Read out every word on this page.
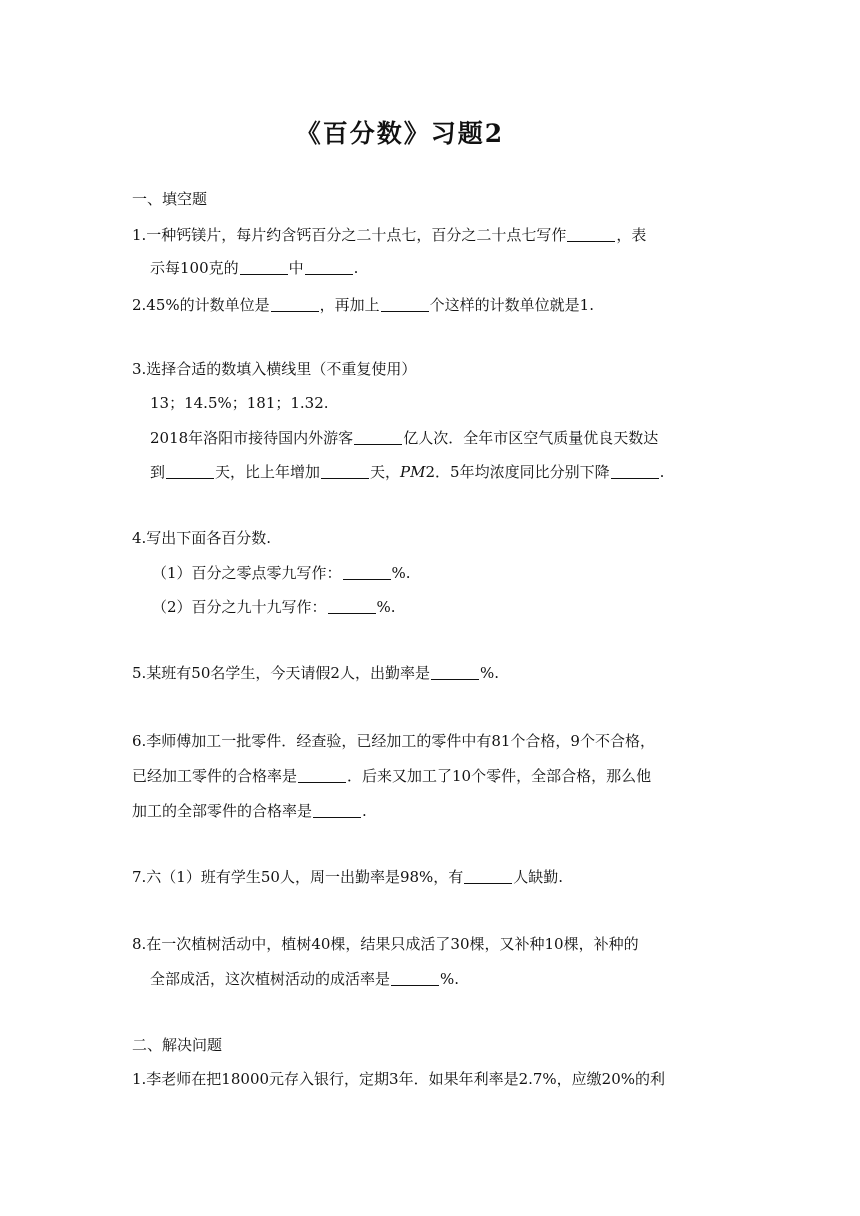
《百分数》习题2
一、填空题
1.一种钙镁片，每片约含钙百分之二十点七，百分之二十点七写作	，表
示每100克的	中	.
2.45%的计数单位是	，再加上	个这样的计数单位就是1.
3.选择合适的数填入横线里（不重复使用）
13；14.5%；181；1.32.
2018年洛阳市接待国内外游客	亿人次．全年市区空气质量优良天数达
到	天，比上年增加	天，PM2．5年均浓度同比分别下降	.
4.写出下面各百分数.
（1）百分之零点零九写作：	%.
（2）百分之九十九写作：	%.
5.某班有50名学生，今天请假2人，出勤率是	%.
6.李师傅加工一批零件．经查验，已经加工的零件中有81个合格，9个不合格，
已经加工零件的合格率是	．后来又加工了10个零件，全部合格，那么他
加工的全部零件的合格率是	.
7.六（1）班有学生50人，周一出勤率是98%，有	人缺勤.
8.在一次植树活动中，植树40棵，结果只成活了30棵，又补种10棵，补种的
全部成活，这次植树活动的成活率是	%.
二、解决问题
1.李老师在把18000元存入银行，定期3年．如果年利率是2.7%，应缴20%的利
